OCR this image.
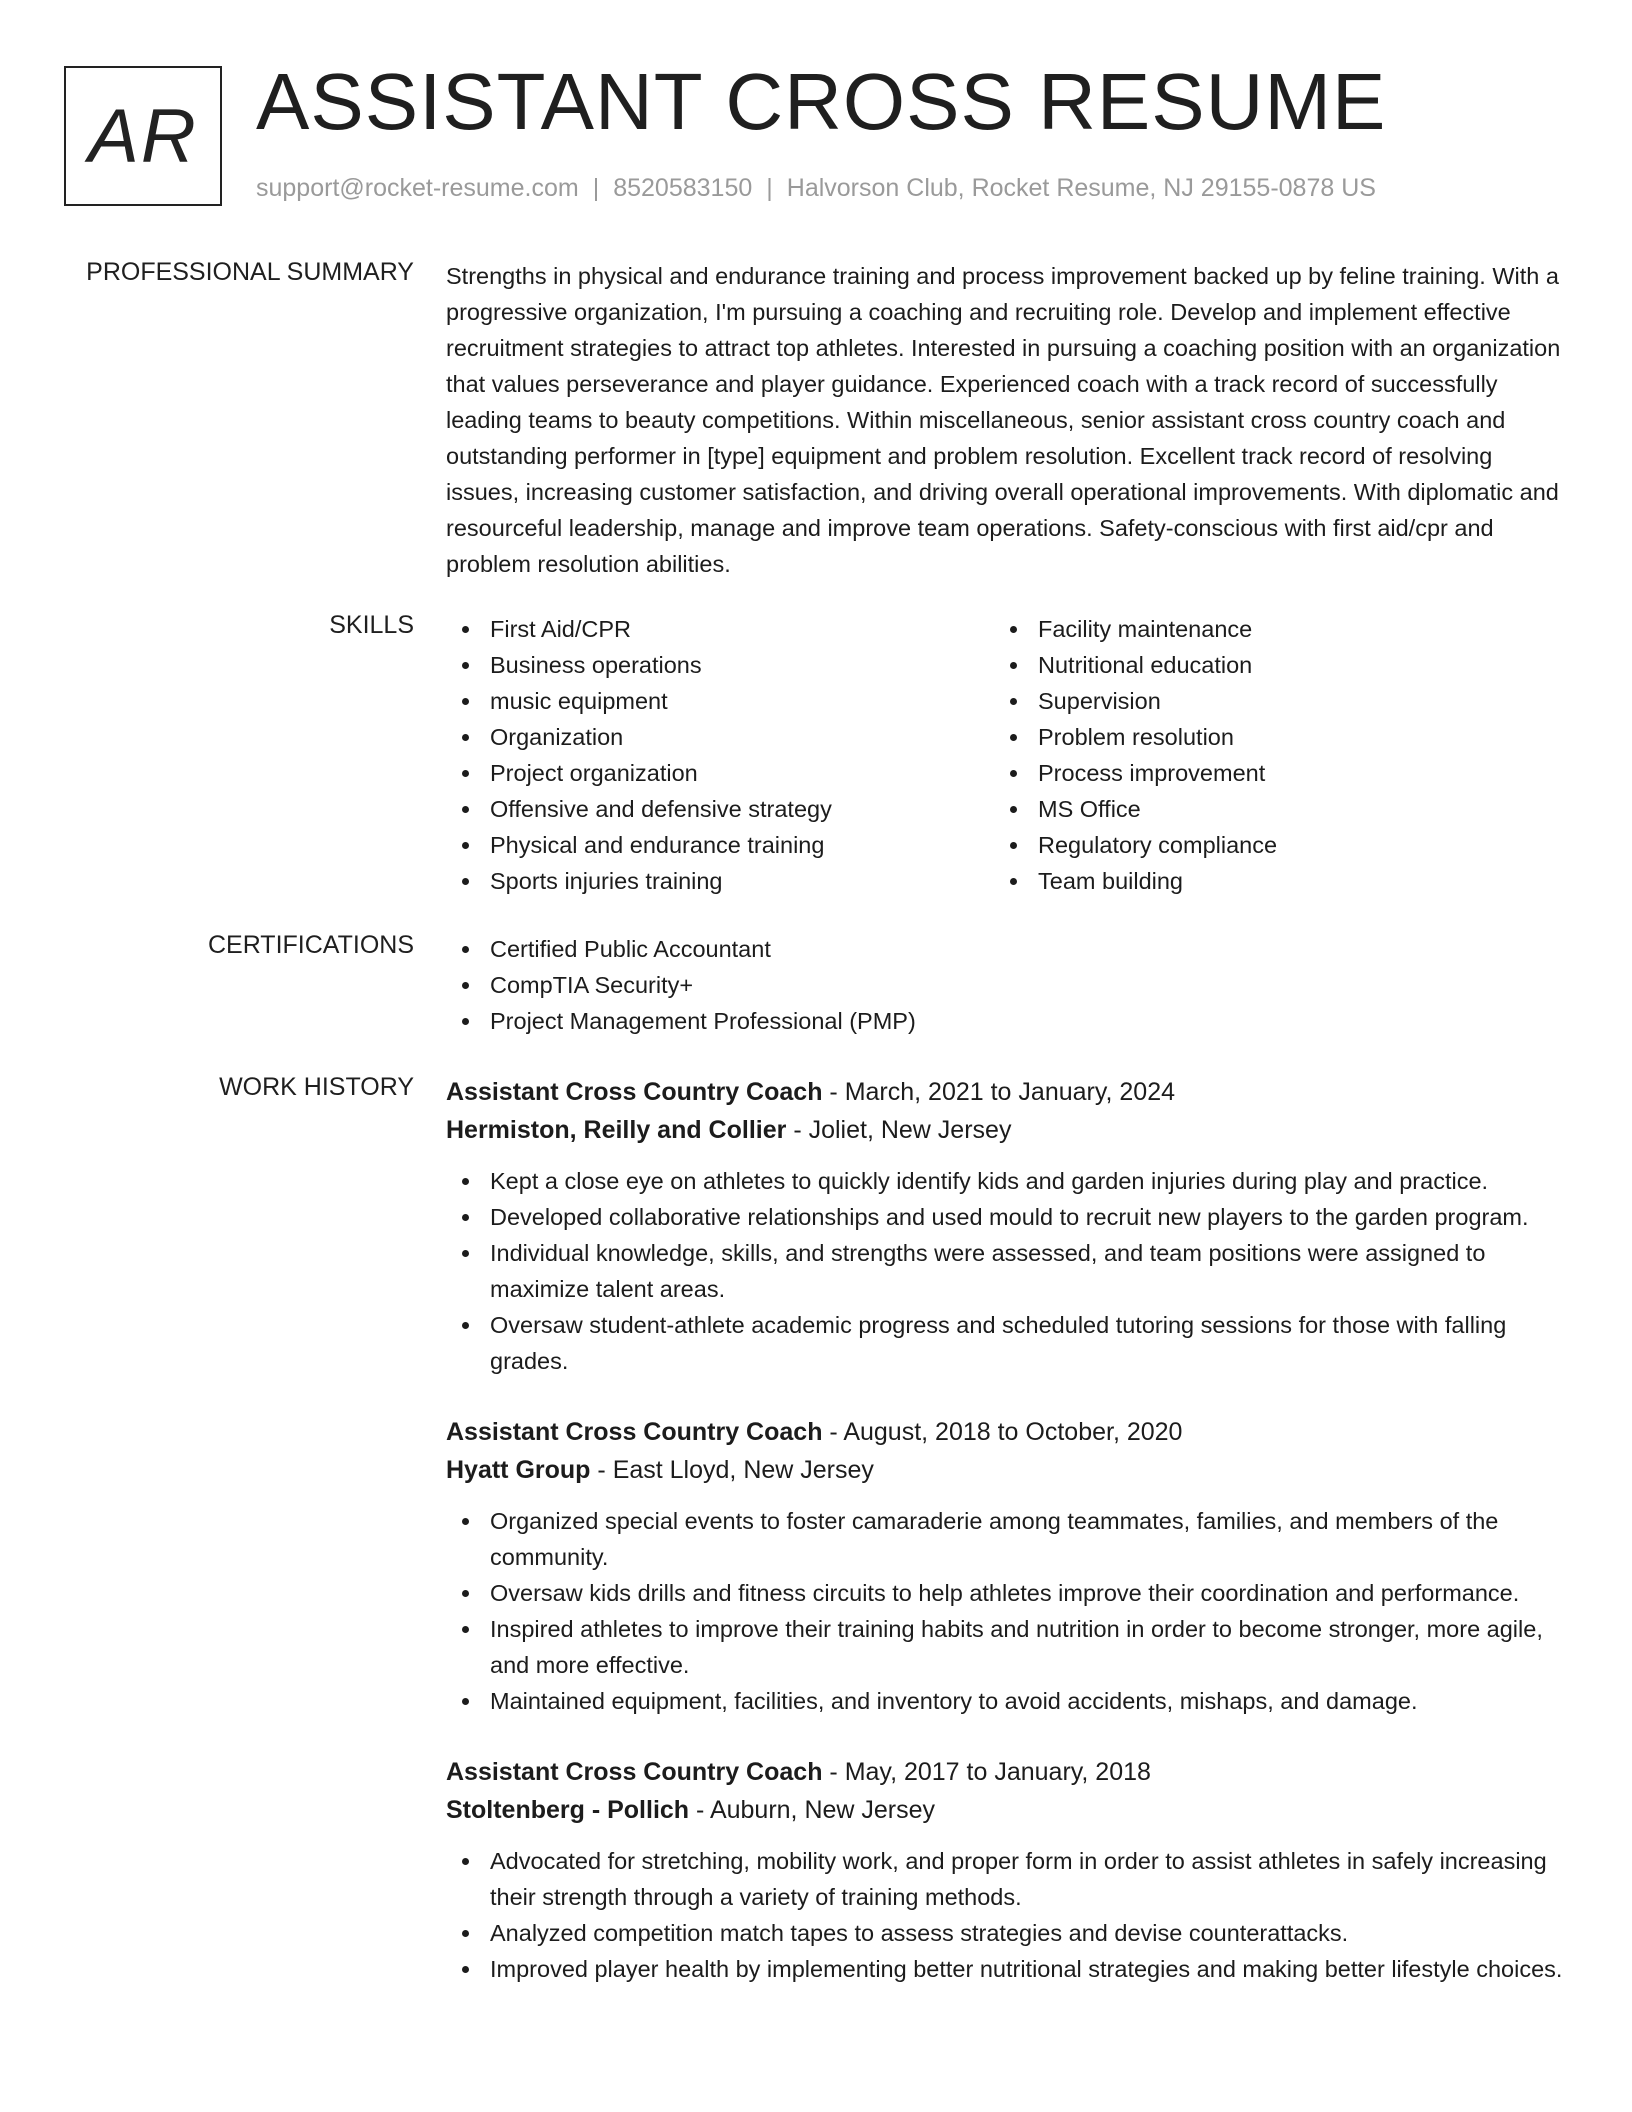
AR ASSISTANT CROSS RESUME
support@rocket-resume.com | 8520583150 | Halvorson Club, Rocket Resume, NJ 29155-0878 US
PROFESSIONAL SUMMARY Strengths in physical and endurance training and process improvement backed up by feline training. With a progressive organization, I'm pursuing a coaching and recruiting role. Develop and implement effective recruitment strategies to attract top athletes. Interested in pursuing a coaching position with an organization that values perseverance and player guidance. Experienced coach with a track record of successfully leading teams to beauty competitions. Within miscellaneous, senior assistant cross country coach and outstanding performer in [type] equipment and problem resolution. Excellent track record of resolving issues, increasing customer satisfaction, and driving overall operational improvements. With diplomatic and resourceful leadership, manage and improve team operations. Safety-conscious with first aid/cpr and problem resolution abilities.
SKILLS	First Aid/CPR
Business operations
music equipment
Organization
Project organization
Offensive and defensive strategy
Physical and endurance training
Sports injuries training
Facility maintenance
Nutritional education
Supervision
Problem resolution
Process improvement
MS Office
Regulatory compliance
Team building
CERTIFICATIONS	Certified Public Accountant
CompTIA Security+
Project Management Professional (PMP)
WORK HISTORY Assistant Cross Country Coach - March, 2021 to January, 2024
Hermiston, Reilly and Collier - Joliet, New Jersey
Kept a close eye on athletes to quickly identify kids and garden injuries during play and practice.
Developed collaborative relationships and used mould to recruit new players to the garden program.
Individual knowledge, skills, and strengths were assessed, and team positions were assigned to maximize talent areas.
Oversaw student-athlete academic progress and scheduled tutoring sessions for those with falling grades.
Assistant Cross Country Coach - August, 2018 to October, 2020
Hyatt Group - East Lloyd, New Jersey
Organized special events to foster camaraderie among teammates, families, and members of the community.
Oversaw kids drills and fitness circuits to help athletes improve their coordination and performance.
Inspired athletes to improve their training habits and nutrition in order to become stronger, more agile, and more effective.
Maintained equipment, facilities, and inventory to avoid accidents, mishaps, and damage.
Assistant Cross Country Coach - May, 2017 to January, 2018
Stoltenberg - Pollich - Auburn, New Jersey
Advocated for stretching, mobility work, and proper form in order to assist athletes in safely increasing their strength through a variety of training methods.
Analyzed competition match tapes to assess strategies and devise counterattacks.
Improved player health by implementing better nutritional strategies and making better lifestyle choices.
